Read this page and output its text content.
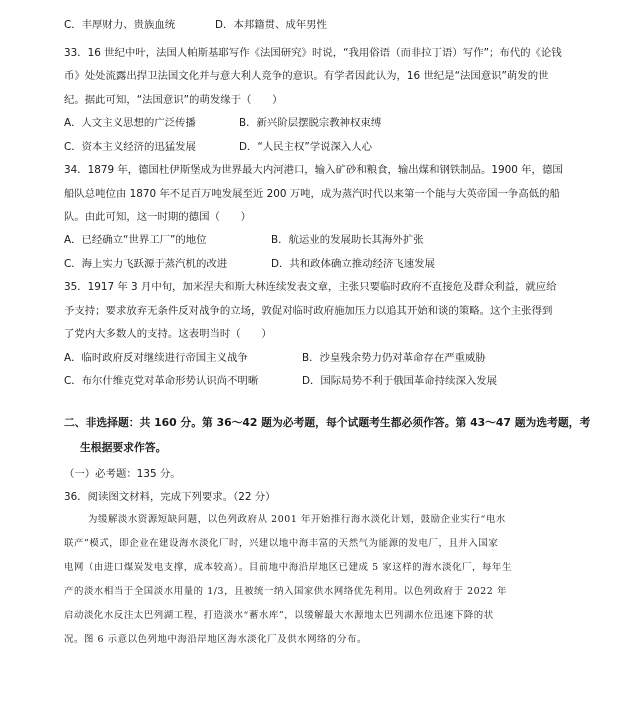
C．丰厚财力、贵族血统	D．本邦籍贯、成年男性
33．16 世纪中叶，法国人帕斯基耶写作《法国研究》时说，“我用俗语（而非拉丁语）写作”；布代的《论钱
币》处处流露出捍卫法国文化并与意大利人竞争的意识。有学者因此认为，16 世纪是“法国意识”萌发的世
纪。据此可知，“法国意识”的萌发缘于（　　）
A．人文主义思想的广泛传播	B．新兴阶层摆脱宗教神权束缚
C．资本主义经济的迅猛发展	D．“人民主权”学说深入人心
34．1879 年，德国杜伊斯堡成为世界最大内河港口，输入矿砂和粮食，输出煤和钢铁制品。1900 年，德国
船队总吨位由 1870 年不足百万吨发展至近 200 万吨，成为蒸汽时代以来第一个能与大英帝国一争高低的船
队。由此可知，这一时期的德国（　　）
A．已经确立“世界工厂”的地位	B．航运业的发展助长其海外扩张
C．海上实力飞跃源于蒸汽机的改进	D．共和政体确立推动经济飞速发展
35．1917 年 3 月中旬，加米涅夫和斯大林连续发表文章，主张只要临时政府不直接危及群众利益，就应给
予支持；要求放弃无条件反对战争的立场，敦促对临时政府施加压力以追其开始和谈的策略。这个主张得到
了党内大多数人的支持。这表明当时（　　）
A．临时政府反对继续进行帝国主义战争	B．沙皇残余势力仍对革命存在严重威胁
C．布尔什维克党对革命形势认识尚不明晰	D．国际局势不利于俄国革命持续深入发展
二、非选择题：共 160 分。第 36～42 题为必考题，每个试题考生都必须作答。第 43～47 题为选考题，考
生根据要求作答。
（一）必考题：135 分。
36．阅读图文材料，完成下列要求。（22 分）
为缓解淡水资源短缺问题，以色列政府从 2001 年开始推行海水淡化计划，鼓励企业实行“电水
联产”模式，即企业在建设海水淡化厂时，兴建以地中海丰富的天然气为能源的发电厂，且并入国家
电网（由进口煤炭发电支撑，成本较高）。目前地中海沿岸地区已建成 5 家这样的海水淡化厂，每年生
产的淡水相当于全国淡水用量的 1/3，且被统一纳入国家供水网络优先利用。以色列政府于 2022 年
启动淡化水反注太巴列湖工程，打造淡水“蓄水库”，以缓解最大水源地太巴列湖水位迅速下降的状
况。图 6 示意以色列地中海沿岸地区海水淡化厂及供水网络的分布。
